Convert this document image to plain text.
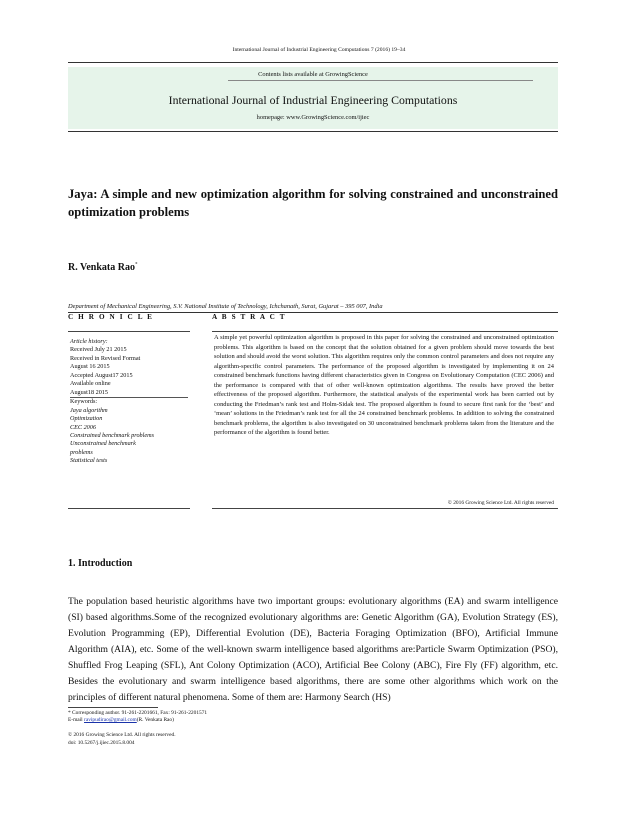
International Journal of Industrial Engineering Computations 7 (2016) 19–34
Contents lists available at GrowingScience
International Journal of Industrial Engineering Computations
homepage: www.GrowingScience.com/ijiec
Jaya: A simple and new optimization algorithm for solving constrained and unconstrained optimization problems
R. Venkata Rao*
Department of Mechanical Engineering, S.V. National Institute of Technology, Ichchanath, Surat, Gujarat – 395 007, India
C H R O N I C L E	A B S T R A C T
Article history:
Received July 21 2015
Received in Revised Format
August 16 2015
Accepted August17 2015
Available online
August18 2015
Keywords:
Jaya algorithm
Optimization
CEC 2006
Constrained benchmark problems
Unconstrained benchmark
problems
Statistical tests
A simple yet powerful optimization algorithm is proposed in this paper for solving the constrained and unconstrained optimization problems. This algorithm is based on the concept that the solution obtained for a given problem should move towards the best solution and should avoid the worst solution. This algorithm requires only the common control parameters and does not require any algorithm-specific control parameters. The performance of the proposed algorithm is investigated by implementing it on 24 constrained benchmark functions having different characteristics given in Congress on Evolutionary Computation (CEC 2006) and the performance is compared with that of other well-known optimization algorithms. The results have proved the better effectiveness of the proposed algorithm. Furthermore, the statistical analysis of the experimental work has been carried out by conducting the Friedman’s rank test and Holm-Sidak test. The proposed algorithm is found to secure first rank for the ‘best’ and ‘mean’ solutions in the Friedman’s rank test for all the 24 constrained benchmark problems. In addition to solving the constrained benchmark problems, the algorithm is also investigated on 30 unconstrained benchmark problems taken from the literature and the performance of the algorithm is found better.
© 2016 Growing Science Ltd. All rights reserved
1. Introduction
The population based heuristic algorithms have two important groups: evolutionary algorithms (EA) and swarm intelligence (SI) based algorithms.Some of the recognized evolutionary algorithms are: Genetic Algorithm (GA), Evolution Strategy (ES), Evolution Programming (EP), Differential Evolution (DE), Bacteria Foraging Optimization (BFO), Artificial Immune Algorithm (AIA), etc. Some of the well-known swarm intelligence based algorithms are:Particle Swarm Optimization (PSO), Shuffled Frog Leaping (SFL), Ant Colony Optimization (ACO), Artificial Bee Colony (ABC), Fire Fly (FF) algorithm, etc. Besides the evolutionary and swarm intelligence based algorithms, there are some other algorithms which work on the principles of different natural phenomena. Some of them are: Harmony Search (HS)
* Corresponding author. 91-261-2201661, Fax: 91-261-2201571
E-mail ravipudirao@gmail.com(R. Venkata Rao)
© 2016 Growing Science Ltd. All rights reserved.
doi: 10.5267/j.ijiec.2015.8.004
